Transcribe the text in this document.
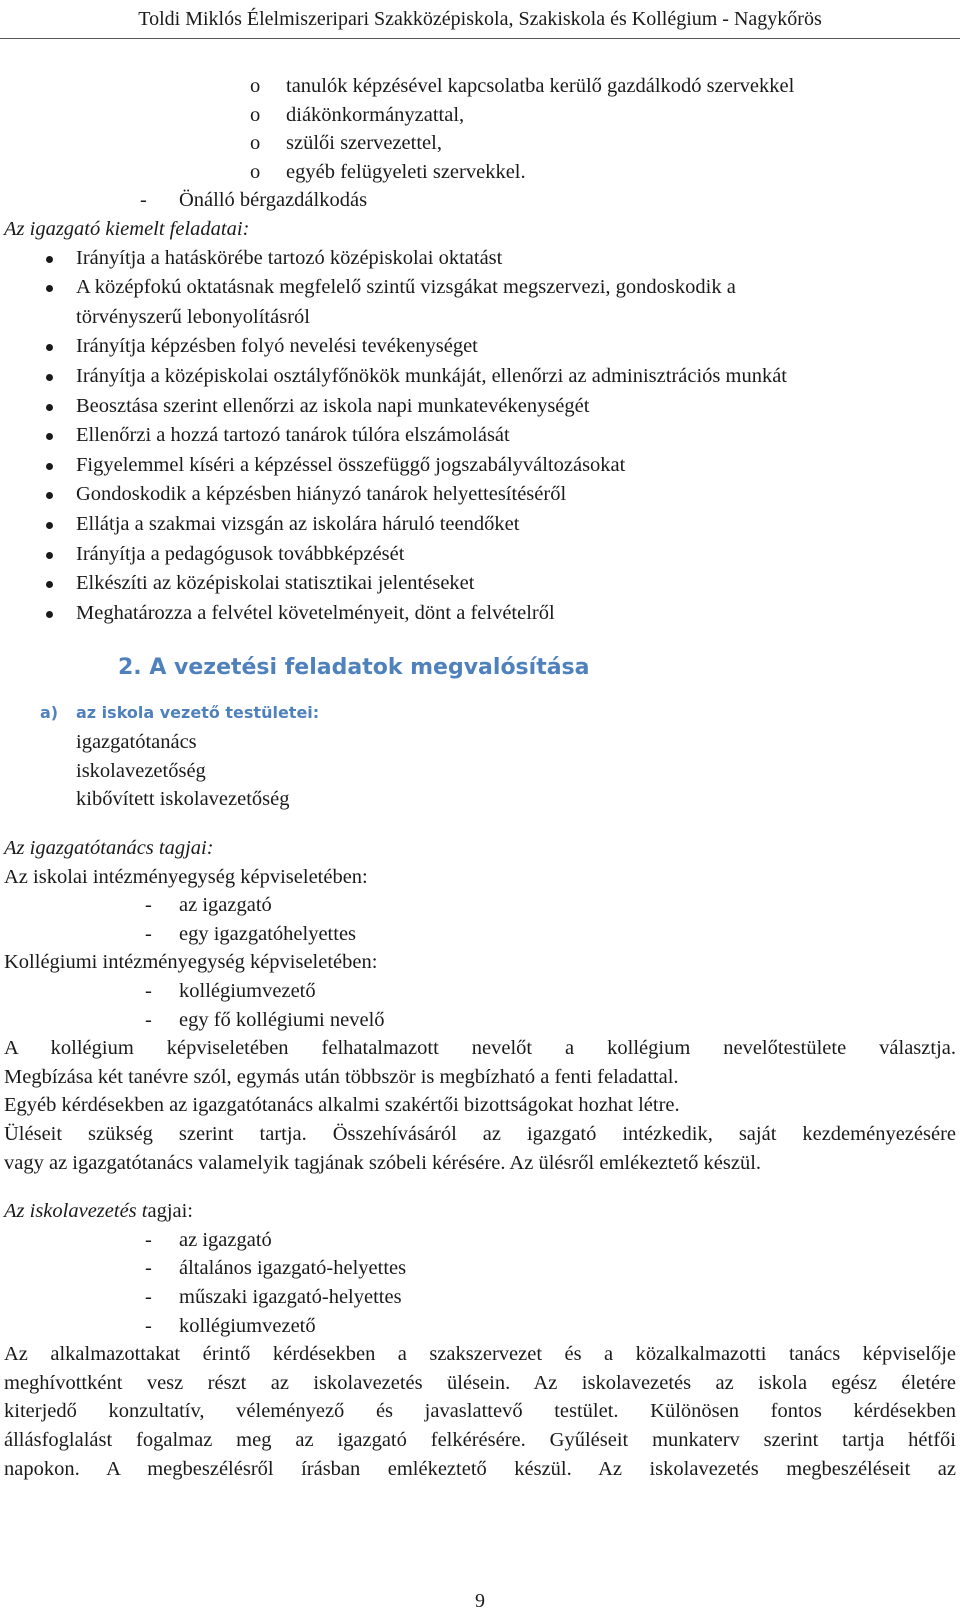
Toldi Miklós Élelmiszeripari Szakközépiskola, Szakiskola és Kollégium - Nagykőrös
o tanulók képzésével kapcsolatba kerülő gazdálkodó szervekkel
o diákönkormányzattal,
o szülői szervezettel,
o egyéb felügyeleti szervekkel.
- Önálló bérgazdálkodás
Az igazgató kiemelt feladatai:
Irányítja a hatáskörébe tartozó középiskolai oktatást
A középfokú oktatásnak megfelelő szintű vizsgákat megszervezi, gondoskodik a
törvényszerű lebonyolításról
Irányítja képzésben folyó nevelési tevékenységet
Irányítja a középiskolai osztályfőnökök munkáját, ellenőrzi az adminisztrációs munkát
Beosztása szerint ellenőrzi az iskola napi munkatevékenységét
Ellenőrzi a hozzá tartozó tanárok túlóra elszámolását
Figyelemmel kíséri a képzéssel összefüggő jogszabályváltozásokat
Gondoskodik a képzésben hiányzó tanárok helyettesítéséről
Ellátja a szakmai vizsgán az iskolára háruló teendőket
Irányítja a pedagógusok továbbképzését
Elkészíti az középiskolai statisztikai jelentéseket
Meghatározza a felvétel követelményeit, dönt a felvételről
2. A vezetési feladatok megvalósítása
a) az iskola vezető testületei:
igazgatótanács
iskolavezetőség
kibővített iskolavezetőség
Az igazgatótanács tagjai:
Az iskolai intézményegység képviseletében:
- az igazgató
- egy igazgatóhelyettes
Kollégiumi intézményegység képviseletében:
- kollégiumvezető
- egy fő kollégiumi nevelő
A kollégium képviseletében felhatalmazott nevelőt a kollégium nevelőtestülete választja.
Megbízása két tanévre szól, egymás után többször is megbízható a fenti feladattal.
Egyéb kérdésekben az igazgatótanács alkalmi szakértői bizottságokat hozhat létre.
Üléseit szükség szerint tartja. Összehívásáról az igazgató intézkedik, saját kezdeményezésére
vagy az igazgatótanács valamelyik tagjának szóbeli kérésére. Az ülésről emlékeztető készül.
Az iskolavezetés tagjai:
- az igazgató
- általános igazgató-helyettes
- műszaki igazgató-helyettes
- kollégiumvezető
Az alkalmazottakat érintő kérdésekben a szakszervezet és a közalkalmazotti tanács képviselője
meghívottként vesz részt az iskolavezetés ülésein. Az iskolavezetés az iskola egész életére
kiterjedő konzultatív, véleményező és javaslattevő testület. Különösen fontos kérdésekben
állásfoglalást fogalmaz meg az igazgató felkérésére. Gyűléseit munkaterv szerint tartja hétfői
napokon. A megbeszélésről írásban emlékeztető készül. Az iskolavezetés megbeszéléseit az
9
